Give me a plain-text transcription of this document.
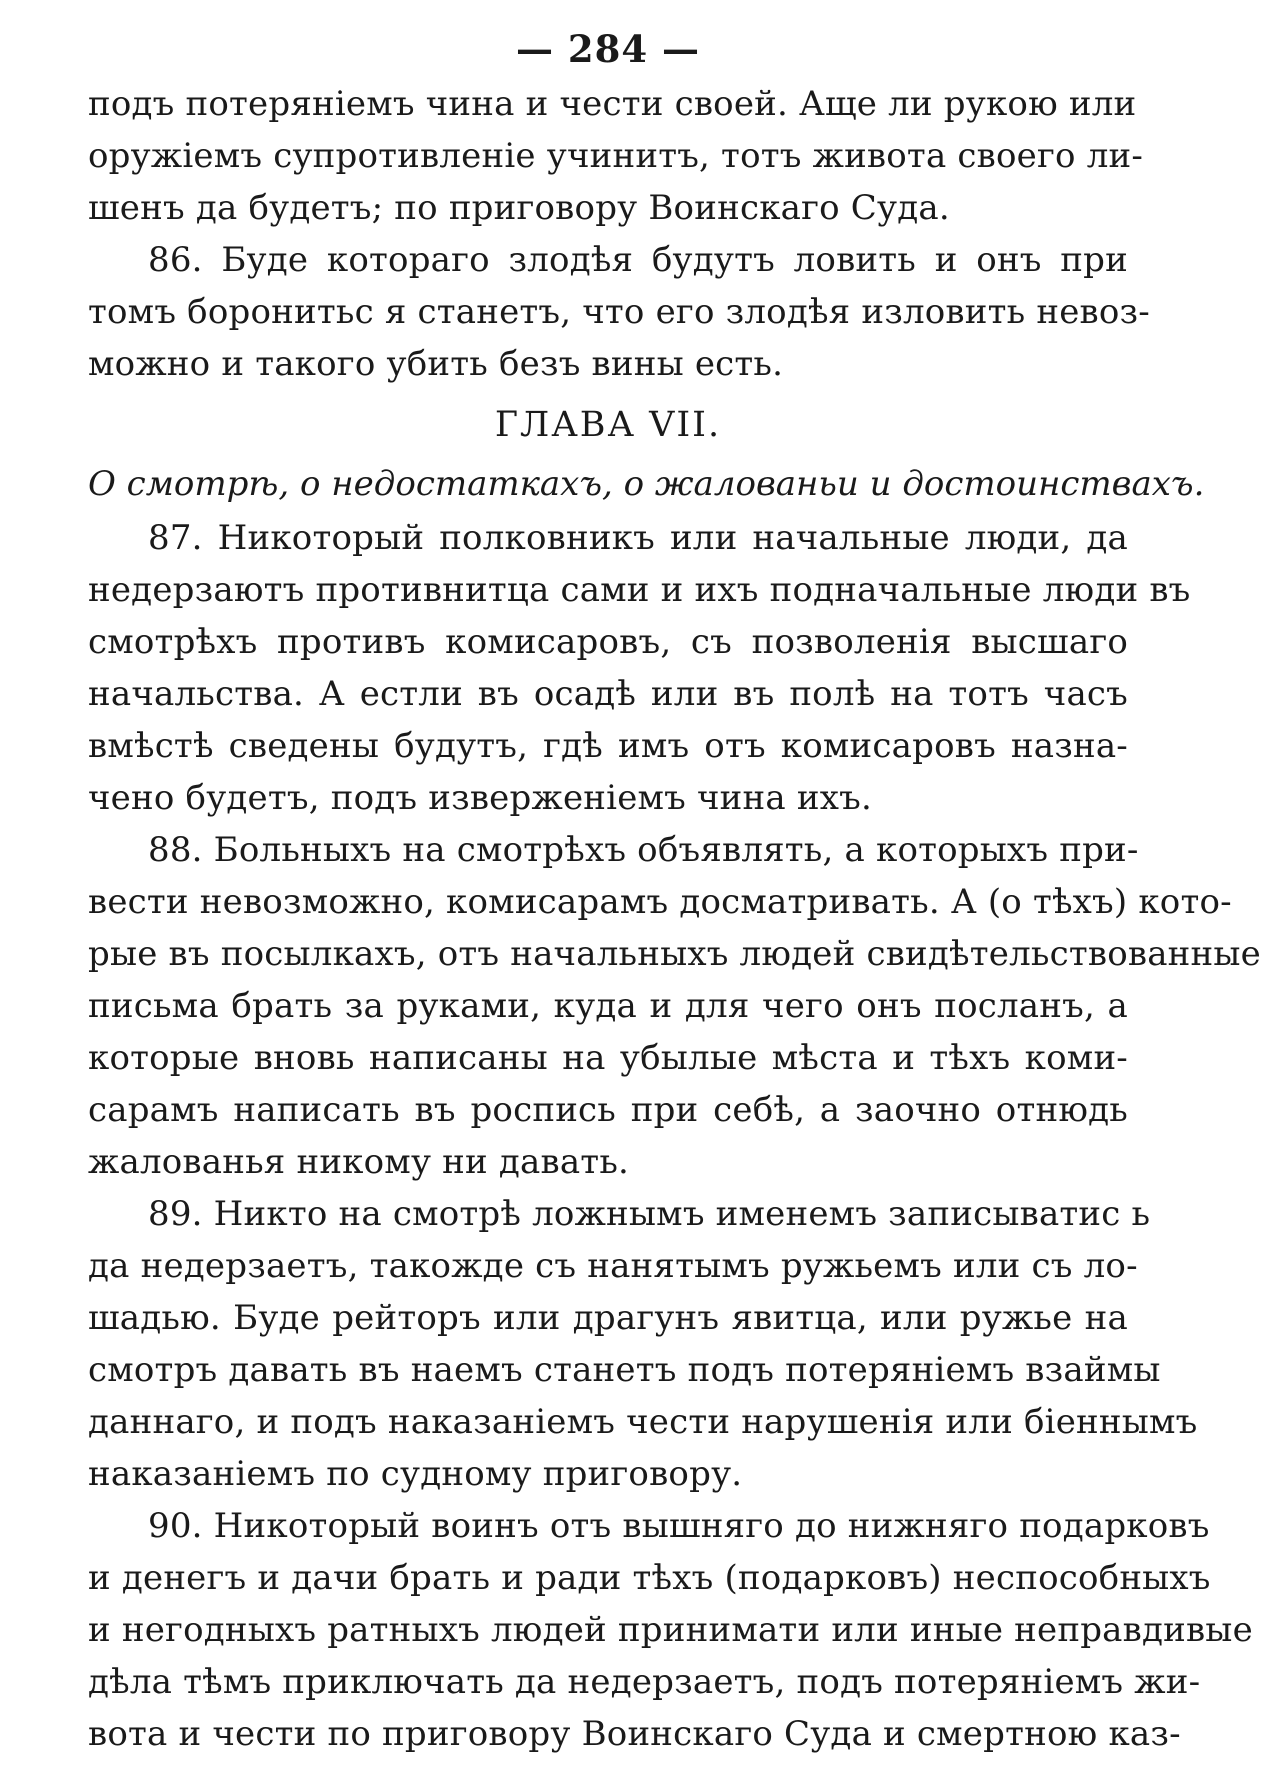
— 284 —
подъ потеряніемъ чина и чести своей. Аще ли рукою или
оружіемъ супротивленіе учинитъ, тотъ живота своего ли-
шенъ да будетъ; по приговору Воинскаго Суда.
86. Буде котораго злодѣя будутъ ловить и онъ при
томъ боронитьс я станетъ, что его злодѣя изловить невоз-
можно и такого убить безъ вины есть.
ГЛАВА VII.
О смотрѣ, о недостаткахъ, о жалованьи и достоинствахъ.
87. Никоторый полковникъ или начальные люди, да
недерзаютъ противнитца сами и ихъ подначальные люди въ
смотрѣхъ противъ комисаровъ, съ позволенія высшаго
начальства. А естли въ осадѣ или въ полѣ на тотъ часъ
вмѣстѣ сведены будутъ, гдѣ имъ отъ комисаровъ назна-
чено будетъ, подъ изверженіемъ чина ихъ.
88. Больныхъ на смотрѣхъ объявлять, а которыхъ при-
вести невозможно, комисарамъ досматривать. А (о тѣхъ) кото-
рые въ посылкахъ, отъ начальныхъ людей свидѣтельствованные
письма брать за руками, куда и для чего онъ посланъ, а
которые вновь написаны на убылые мѣста и тѣхъ коми-
сарамъ написать въ роспись при себѣ, а заочно отнюдь
жалованья никому ни давать.
89. Никто на смотрѣ ложнымъ именемъ записыватис ь
да недерзаетъ, такожде съ нанятымъ ружьемъ или съ ло-
шадью. Буде рейторъ или драгунъ явитца, или ружье на
смотръ давать въ наемъ станетъ подъ потеряніемъ взаймы
даннаго, и подъ наказаніемъ чести нарушенія или біеннымъ
наказаніемъ по судному приговору.
90. Никоторый воинъ отъ вышняго до нижняго подарковъ
и денегъ и дачи брать и ради тѣхъ (подарковъ) неспособныхъ
и негодныхъ ратныхъ людей принимати или иные неправдивые
дѣла тѣмъ приключать да недерзаетъ, подъ потеряніемъ жи-
вота и чести по приговору Воинскаго Суда и смертною каз-
